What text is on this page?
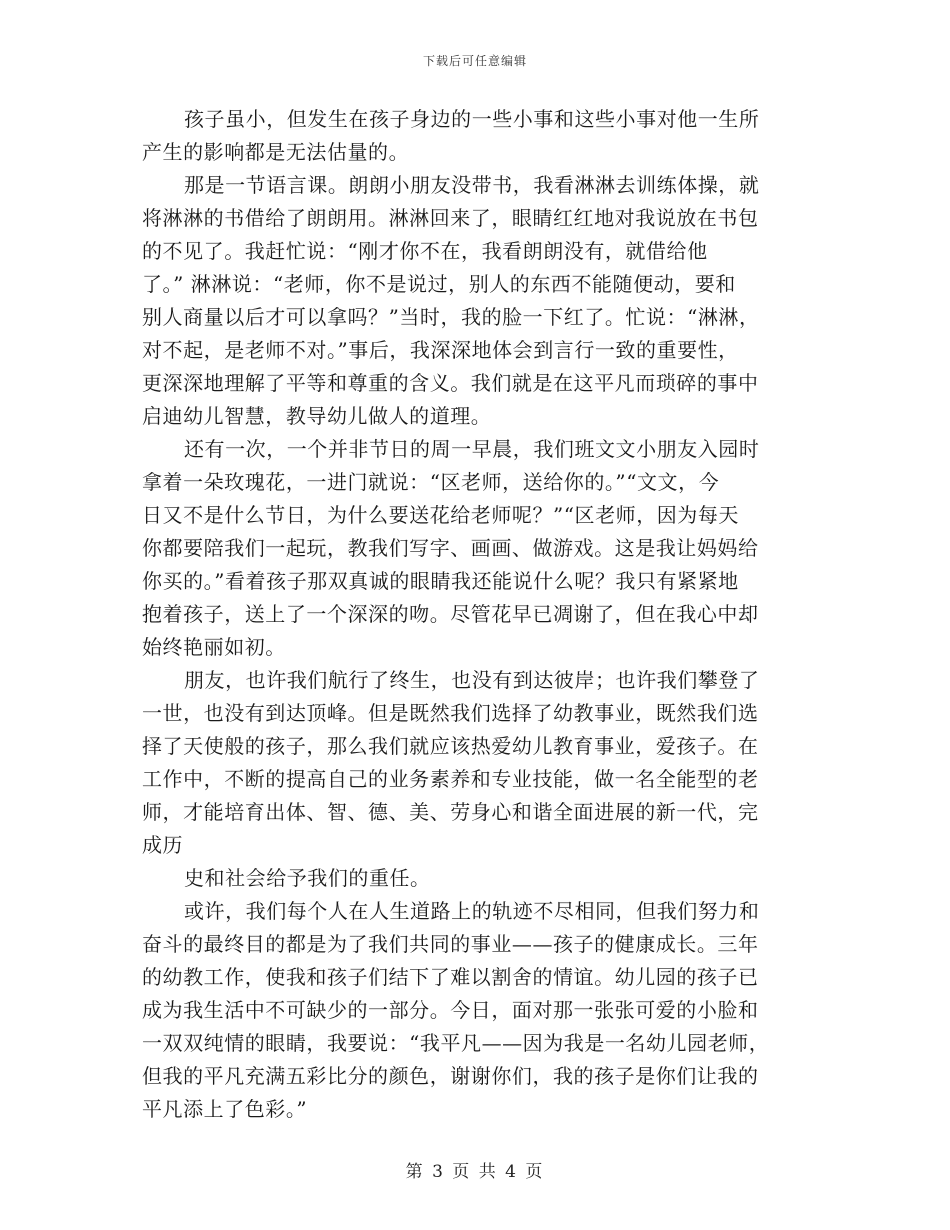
下载后可任意编辑
孩子虽小，但发生在孩子身边的一些小事和这些小事对他一生所
产生的影响都是无法估量的。
那是一节语言课。朗朗小朋友没带书，我看淋淋去训练体操，就
将淋淋的书借给了朗朗用。淋淋回来了，眼睛红红地对我说放在书包
的不见了。我赶忙说：“刚才你不在，我看朗朗没有，就借给他
了。” 淋淋说：“老师，你不是说过，别人的东西不能随便动，要和
别人商量以后才可以拿吗？”当时，我的脸一下红了。忙说：“淋淋，
对不起，是老师不对。”事后，我深深地体会到言行一致的重要性，
更深深地理解了平等和尊重的含义。我们就是在这平凡而琐碎的事中
启迪幼儿智慧，教导幼儿做人的道理。
还有一次，一个并非节日的周一早晨，我们班文文小朋友入园时
拿着一朵玫瑰花，一进门就说：“区老师，送给你的。”“文文，今
日又不是什么节日，为什么要送花给老师呢？”“区老师，因为每天
你都要陪我们一起玩，教我们写字、画画、做游戏。这是我让妈妈给
你买的。”看着孩子那双真诚的眼睛我还能说什么呢？我只有紧紧地
抱着孩子，送上了一个深深的吻。尽管花早已凋谢了，但在我心中却
始终艳丽如初。
朋友，也许我们航行了终生，也没有到达彼岸；也许我们攀登了
一世，也没有到达顶峰。但是既然我们选择了幼教事业，既然我们选
择了天使般的孩子，那么我们就应该热爱幼儿教育事业，爱孩子。在
工作中，不断的提高自己的业务素养和专业技能，做一名全能型的老
师，才能培育出体、智、德、美、劳身心和谐全面进展的新一代，完
成历
史和社会给予我们的重任。
或许，我们每个人在人生道路上的轨迹不尽相同，但我们努力和
奋斗的最终目的都是为了我们共同的事业——孩子的健康成长。三年
的幼教工作，使我和孩子们结下了难以割舍的情谊。幼儿园的孩子已
成为我生活中不可缺少的一部分。今日，面对那一张张可爱的小脸和
一双双纯情的眼睛，我要说：“我平凡——因为我是一名幼儿园老师，
但我的平凡充满五彩比分的颜色，谢谢你们，我的孩子是你们让我的
平凡添上了色彩。”
第 3 页 共 4 页
